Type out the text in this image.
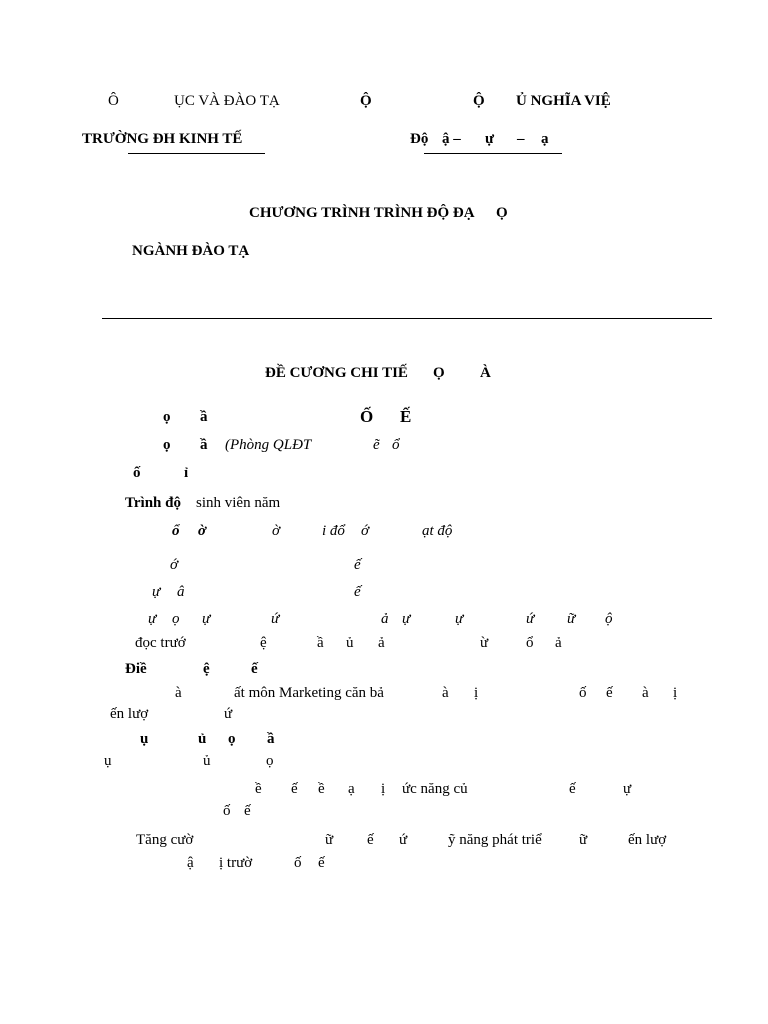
Ô	ỤC VÀ ĐÀO TẠ	Ộ	Ộ Ủ NGHĨA VIỆ
TRƯỜNG ĐH KINH TẾ	Độ ậ – ự – ạ
CHƯƠNG TRÌNH TRÌNH ĐỘ ĐẠ Ọ
NGÀNH ĐÀO TẠ
ĐỀ CƯƠNG CHI TIẾ Ọ À
ọ ầ	Ố Ế
ọ ầ (Phòng QLĐT	ẽ ổ
ố	ỉ
Trình độ sinh viên năm
ổ ờ	ờ	i đổ ớ	ạt độ
ớ	ế
ự â	ế
ự ọ ự	ứ	ả ự	ự	ứ ữ ộ
đọc trướ	ệ	ầ ủ ả	ừ	ổ ả
Điề	ệ	ế
à	ất môn Marketing căn bả	à ị	ố ế à ị
ến lượ	ứ
ụ	ủ ọ ầ
ụ	ủ	ọ
ề ế ề ạ ị ức năng củ	ế	ự
ố ế
Tăng cườ	ữ ế ứ	ỹ năng phát triể ữ	ến lượ
ậ ị trườ	ố ế
